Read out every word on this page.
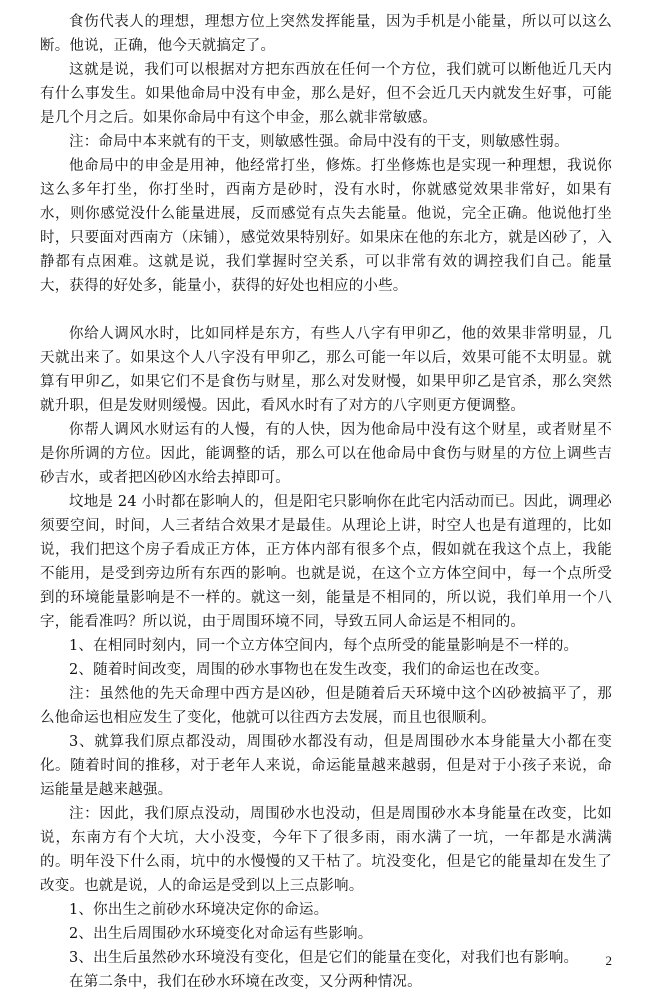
食伤代表人的理想，理想方位上突然发挥能量，因为手机是小能量，所以可以这么断。他说，正确，他今天就搞定了。

这就是说，我们可以根据对方把东西放在任何一个方位，我们就可以断他近几天内有什么事发生。如果他命局中没有申金，那么是好，但不会近几天内就发生好事，可能是几个月之后。如果你命局中有这个申金，那么就非常敏感。

注：命局中本来就有的干支，则敏感性强。命局中没有的干支，则敏感性弱。

他命局中的申金是用神，他经常打坐，修炼。打坐修炼也是实现一种理想，我说你这么多年打坐，你打坐时，西南方是砂时，没有水时，你就感觉效果非常好，如果有水，则你感觉没什么能量进展，反而感觉有点失去能量。他说，完全正确。他说他打坐时，只要面对西南方（床铺），感觉效果特别好。如果床在他的东北方，就是凶砂了，入静都有点困难。这就是说，我们掌握时空关系，可以非常有效的调控我们自己。能量大，获得的好处多，能量小，获得的好处也相应的小些。

你给人调风水时，比如同样是东方，有些人八字有甲卯乙，他的效果非常明显，几天就出来了。如果这个人八字没有甲卯乙，那么可能一年以后，效果可能不太明显。就算有甲卯乙，如果它们不是食伤与财星，那么对发财慢，如果甲卯乙是官杀，那么突然就升职，但是发财则缓慢。因此，看风水时有了对方的八字则更方便调整。

你帮人调风水财运有的人慢，有的人快，因为他命局中没有这个财星，或者财星不是你所调的方位。因此，能调整的话，那么可以在他命局中食伤与财星的方位上调些吉砂吉水，或者把凶砂凶水给去掉即可。

坟地是 24 小时都在影响人的，但是阳宅只影响你在此宅内活动而已。因此，调理必须要空间，时间，人三者结合效果才是最佳。从理论上讲，时空人也是有道理的，比如说，我们把这个房子看成正方体，正方体内部有很多个点，假如就在我这个点上，我能不能用，是受到旁边所有东西的影响。也就是说，在这个立方体空间中，每一个点所受到的环境能量影响是不一样的。就这一刻，能量是不相同的，所以说，我们单用一个八字，能看准吗？所以说，由于周围环境不同，导致五同人命运是不相同的。

1、在相同时刻内，同一个立方体空间内，每个点所受的能量影响是不一样的。

2、随着时间改变，周围的砂水事物也在发生改变，我们的命运也在改变。

注：虽然他的先天命理中西方是凶砂，但是随着后天环境中这个凶砂被搞平了，那么他命运也相应发生了变化，他就可以往西方去发展，而且也很顺利。

3、就算我们原点都没动，周围砂水都没有动，但是周围砂水本身能量大小都在变化。随着时间的推移，对于老年人来说，命运能量越来越弱，但是对于小孩子来说，命运能量是越来越强。

注：因此，我们原点没动，周围砂水也没动，但是周围砂水本身能量在改变，比如说，东南方有个大坑，大小没变，今年下了很多雨，雨水满了一坑，一年都是水满满的。明年没下什么雨，坑中的水慢慢的又干枯了。坑没变化，但是它的能量却在发生了改变。也就是说，人的命运是受到以上三点影响。

1、你出生之前砂水环境决定你的命运。

2、出生后周围砂水环境变化对命运有些影响。

3、出生后虽然砂水环境没有变化，但是它们的能量在变化，对我们也有影响。

在第二条中，我们在砂水环境在改变，又分两种情况。

2
